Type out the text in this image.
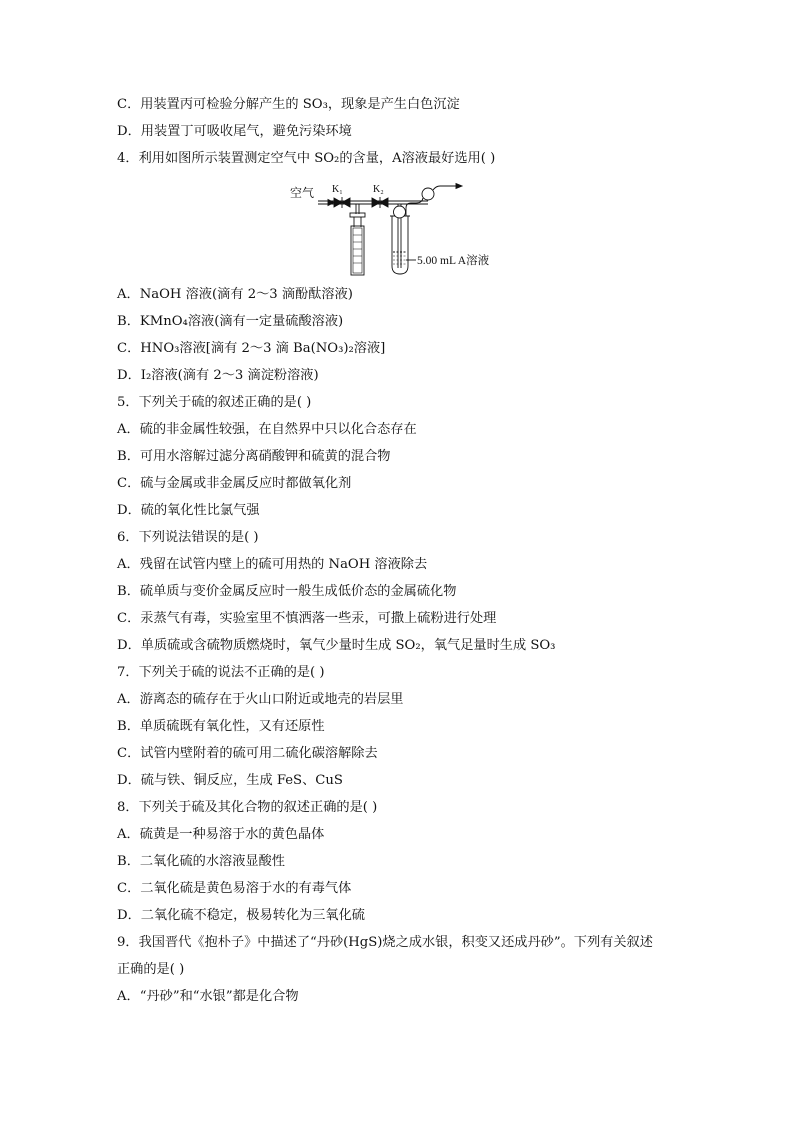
C．用装置丙可检验分解产生的 SO₃，现象是产生白色沉淀
D．用装置丁可吸收尾气，避免污染环境
4．利用如图所示装置测定空气中 SO₂的含量，A溶液最好选用( )
A．NaOH 溶液(滴有 2～3 滴酚酞溶液)
B．KMnO₄溶液(滴有一定量硫酸溶液)
C．HNO₃溶液[滴有 2～3 滴 Ba(NO₃)₂溶液]
D．I₂溶液(滴有 2～3 滴淀粉溶液)
5．下列关于硫的叙述正确的是( )
A．硫的非金属性较强，在自然界中只以化合态存在
B．可用水溶解过滤分离硝酸钾和硫黄的混合物
C．硫与金属或非金属反应时都做氧化剂
D．硫的氧化性比氯气强
6．下列说法错误的是( )
A．残留在试管内壁上的硫可用热的 NaOH 溶液除去
B．硫单质与变价金属反应时一般生成低价态的金属硫化物
C．汞蒸气有毒，实验室里不慎洒落一些汞，可撒上硫粉进行处理
D．单质硫或含硫物质燃烧时，氧气少量时生成 SO₂，氧气足量时生成 SO₃
7．下列关于硫的说法不正确的是( )
A．游离态的硫存在于火山口附近或地壳的岩层里
B．单质硫既有氧化性，又有还原性
C．试管内壁附着的硫可用二硫化碳溶解除去
D．硫与铁、铜反应，生成 FeS、CuS
8．下列关于硫及其化合物的叙述正确的是( )
A．硫黄是一种易溶于水的黄色晶体
B．二氧化硫的水溶液显酸性
C．二氧化硫是黄色易溶于水的有毒气体
D．二氧化硫不稳定，极易转化为三氧化硫
9．我国晋代《抱朴子》中描述了“丹砂(HgS)烧之成水银，积变又还成丹砂”。下列有关叙述
正确的是( )
A．“丹砂”和“水银”都是化合物
空气 K₁	K₂
5.00 mL A溶液
